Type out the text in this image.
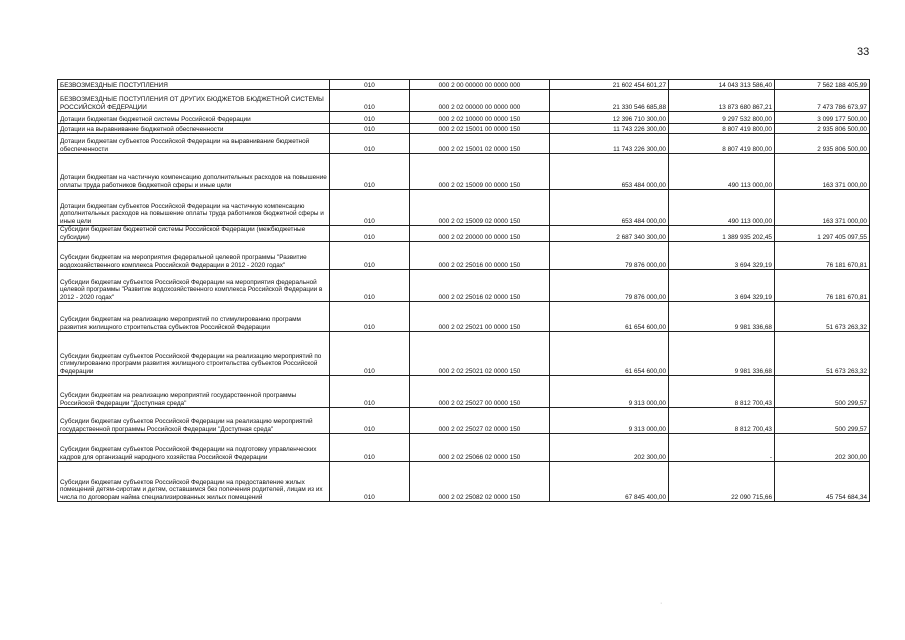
33
БЕЗВОЗМЕЗДНЫЕ ПОСТУПЛЕНИЯ	010	000 2 00 00000 00 0000 000	21 602 454 601,27	14 043 313 586,40	7 562 188 405,99
БЕЗВОЗМЕЗДНЫЕ ПОСТУПЛЕНИЯ ОТ ДРУГИХ БЮДЖЕТОВ БЮДЖЕТНОЙ СИСТЕМЫ РОССИЙСКОЙ ФЕДЕРАЦИИ	010	000 2 02 00000 00 0000 000	21 330 546 685,88	13 873 680 867,21	7 473 786 673,97
Дотации бюджетам бюджетной системы Российской Федерации	010	000 2 02 10000 00 0000 150	12 396 710 300,00	9 297 532 800,00	3 099 177 500,00
Дотации на выравнивание бюджетной обеспеченности	010	000 2 02 15001 00 0000 150	11 743 226 300,00	8 807 419 800,00	2 935 806 500,00
Дотации бюджетам субъектов Российской Федерации на выравнивание бюджетной обеспеченности	010	000 2 02 15001 02 0000 150	11 743 226 300,00	8 807 419 800,00	2 935 806 500,00
Дотации бюджетам на частичную компенсацию дополнительных расходов на повышение оплаты труда работников бюджетной сферы и иные цели	010	000 2 02 15009 00 0000 150	653 484 000,00	490 113 000,00	163 371 000,00
Дотации бюджетам субъектов Российской Федерации на частичную компенсацию дополнительных расходов на повышение оплаты труда работников бюджетной сферы и иные цели	010	000 2 02 15009 02 0000 150	653 484 000,00	490 113 000,00	163 371 000,00
Субсидии бюджетам бюджетной системы Российской Федерации (межбюджетные субсидии)	010	000 2 02 20000 00 0000 150	2 687 340 300,00	1 389 935 202,45	1 297 405 097,55
Субсидии бюджетам на мероприятия федеральной целевой программы "Развитие водохозяйственного комплекса Российской Федерации в 2012 - 2020 годах"	010	000 2 02 25016 00 0000 150	79 876 000,00	3 694 329,19	76 181 670,81
Субсидии бюджетам субъектов Российской Федерации на мероприятия федеральной целевой программы "Развитие водохозяйственного комплекса Российской Федерации в 2012 - 2020 годах"	010	000 2 02 25016 02 0000 150	79 876 000,00	3 694 329,19	76 181 670,81
Субсидии бюджетам на реализацию мероприятий по стимулированию программ развития жилищного строительства субъектов Российской Федерации	010	000 2 02 25021 00 0000 150	61 654 600,00	9 981 336,68	51 673 263,32
Субсидии бюджетам субъектов Российской Федерации на реализацию мероприятий по стимулированию программ развития жилищного строительства субъектов Российской Федерации	010	000 2 02 25021 02 0000 150	61 654 600,00	9 981 336,68	51 673 263,32
Субсидии бюджетам на реализацию мероприятий государственной программы Российской Федерации "Доступная среда"	010	000 2 02 25027 00 0000 150	9 313 000,00	8 812 700,43	500 299,57
Субсидии бюджетам субъектов Российской Федерации на реализацию мероприятий государственной программы Российской Федерации "Доступная среда"	010	000 2 02 25027 02 0000 150	9 313 000,00	8 812 700,43	500 299,57
Субсидии бюджетам субъектов Российской Федерации на подготовку управленческих кадров для организаций народного хозяйства Российской Федерации	010	000 2 02 25066 02 0000 150	202 300,00	-	202 300,00
Субсидии бюджетам субъектов Российской Федерации на предоставление жилых помещений детям-сиротам и детям, оставшимся без попечения родителей, лицам из их числа по договорам найма специализированных жилых помещений	010	000 2 02 25082 02 0000 150	67 845 400,00	22 090 715,66	45 754 684,34
·
